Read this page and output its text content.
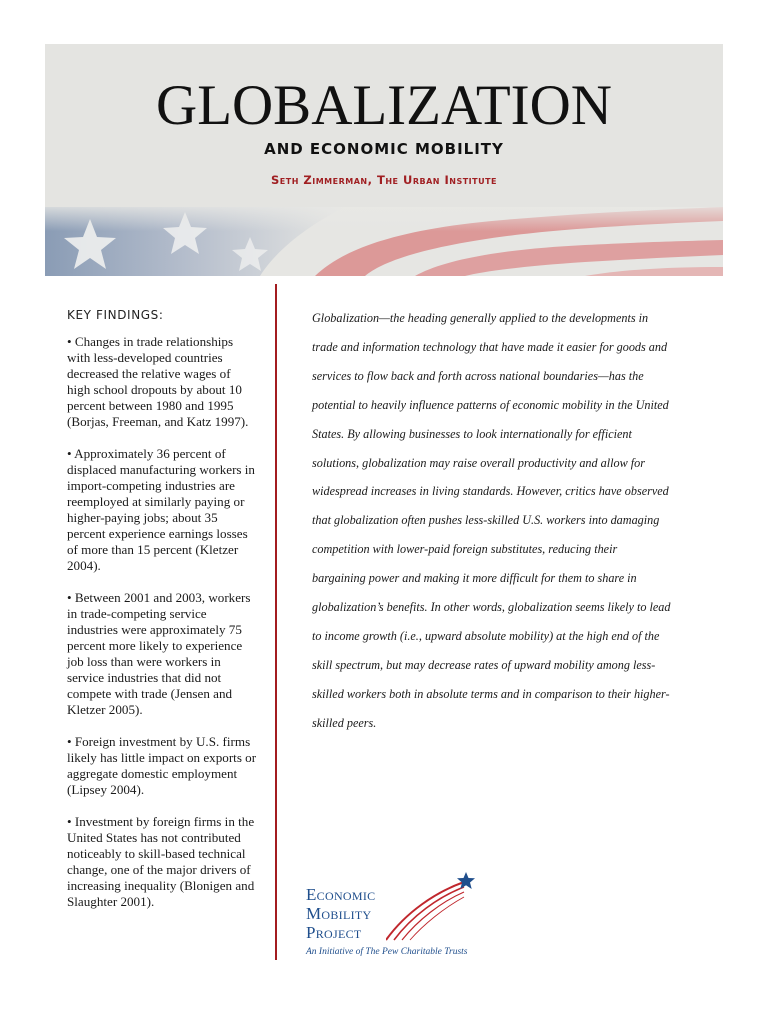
GLOBALIZATION
AND ECONOMIC MOBILITY
Seth Zimmerman, The Urban Institute
KEY FINDINGS:
• Changes in trade relationships with less-developed countries decreased the relative wages of high school dropouts by about 10 percent between 1980 and 1995 (Borjas, Freeman, and Katz 1997).
• Approximately 36 percent of displaced manufacturing workers in import-competing industries are reemployed at similarly paying or higher-paying jobs; about 35 percent experience earnings losses of more than 15 percent (Kletzer 2004).
• Between 2001 and 2003, workers in trade-competing service industries were approximately 75 percent more likely to experience job loss than were workers in service industries that did not compete with trade (Jensen and Kletzer 2005).
• Foreign investment by U.S. firms likely has little impact on exports or aggregate domestic employment (Lipsey 2004).
• Investment by foreign firms in the United States has not contributed noticeably to skill-based technical change, one of the major drivers of increasing inequality (Blonigen and Slaughter 2001).

Globalization—the heading generally applied to the developments in trade and information technology that have made it easier for goods and services to flow back and forth across national boundaries—has the potential to heavily influence patterns of economic mobility in the United States. By allowing businesses to look internationally for efficient solutions, globalization may raise overall productivity and allow for widespread increases in living standards. However, critics have observed that globalization often pushes less-skilled U.S. workers into damaging competition with lower-paid foreign substitutes, reducing their bargaining power and making it more difficult for them to share in globalization’s benefits. In other words, globalization seems likely to lead to income growth (i.e., upward absolute mobility) at the high end of the skill spectrum, but may decrease rates of upward mobility among less-skilled workers both in absolute terms and in comparison to their higher-skilled peers.

Economic
Mobility
Project
An Initiative of The Pew Charitable Trusts
